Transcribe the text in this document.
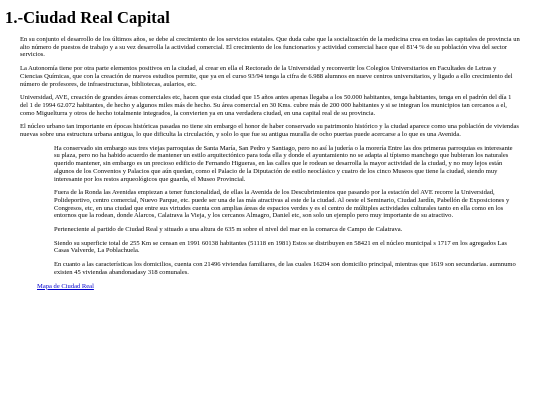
1.-Ciudad Real Capital

En su conjunto el desarrollo de los últimos años, se debe al crecimiento de los servicios estatales. Que duda cabe que la socialización de la medicina crea en todas las capitales de provincia un alto número de puestos de trabajo y a su vez desarrolla la actividad comercial. El crecimiento de los funcionarios y actividad comercial hace que el 81'4 % de su población viva del sector servicios.

La Autonomía tiene por otra parte elementos positivos en la ciudad, al crear en ella el Rectorado de la Universidad y reconvertir los Colegios Universitarios en Facultades de Letras y Ciencias Químicas, que con la creación de nuevos estudios permite, que ya en el curso 93/94 tenga la cifra de 6.988 alumnos en nueve centros universitarios, y ligado a ello crecimiento del número de profesores, de infraestructuras, bibliotecas, aularios, etc.

Universidad, AVE, creación de grandes áreas comerciales etc, hacen que esta ciudad que 15 años antes apenas llegaba a los 50.000 habitantes, tenga habitantes, tenga en el padrón del día 1 del 1 de 1994 62.072 habitantes, de hecho y algunos miles más de hecho. Su área comercial en 30 Kms. cubre más de 200 000 habitantes y si se integran los municipios tan cercanos a el, como Miguelturra y otros de hecho totalmente integrados, la convierten ya en una verdadera ciudad, en una capital real de su provincia.

El núcleo urbano tan importante en épocas históricas pasadas no tiene sin embargo el honor de haber conservado su patrimonio histórico y la ciudad aparece como una población de viviendas nuevas sobre una estructura urbana antigua, lo que dificulta la circulación, y solo lo que fue su antigua muralla de ocho puertas puede acercarse a lo que es una Avenida.

Ha conservado sin embargo sus tres viejas parroquias de Santa María, San Pedro y Santiago, pero no así la judería o la morería Entre las dos primeras parroquias es interesante su plaza, pero no ha habido acuerdo de mantener un estilo arquitectónico para toda ella y donde el ayuntamiento no se adapta al típismo manchego que hubieran los naturales querido mantener, sin embargo es un precioso edificio de Fernando Higueras, en las calles que le rodean se desarrolla la mayor actividad de la ciudad, y no muy lejos están algunos de los Conventos y Palacios que aún quedan, como el Palacio de la Diputación de estilo neoclásico y cuatro de los cinco Museos que tiene la ciudad, siendo muy interesante por los restos arqueológicos que guarda, el Museo Provincial.

Fuera de la Ronda las Avenidas empiezan a tener funcionalidad, de ellas la Avenida de los Descubrimientos que pasando por la estación del AVE recorre la Universidad, Polideportivo, centro comercial, Nuevo Parque, etc. puede ser una de las más atractivas al este de la ciudad. Al oeste el Seminario, Ciudad Jardín, Pabellón de Exposiciones y Congresos, etc, en una ciudad que entre sus virtudes cuenta con amplias áreas de espacios verdes y es el centro de múltiples actividades culturales tanto en ella como en los entornos que la rodean, donde Alarcos, Calatrava la Vieja, y los cercanos Almagro, Daniel etc, son solo un ejemplo pero muy importante de su atractivo.

Perteneciente al partido de Ciudad Real y situado a una altura de 635 m sobre el nivel del mar en la comarca de Campo de Calatrava.

Siendo su superficie total de 255 Km se censan en 1991 60138 habitantes (51118 en 1981) Estos se distribuyen en 58421 en el núcleo municipal s 1717 en los agregados Las Casas Valverde, La Poblachuela.

En cuanto a las características los domicilios, cuenta con 21496 viviendas familiares, de las cuales 16204 son domicilio principal, mientras que 1619 son secundarias. aumnumo existen 45 viviendas abandonadasy 318 comunales.

Mapa de Ciudad Real
